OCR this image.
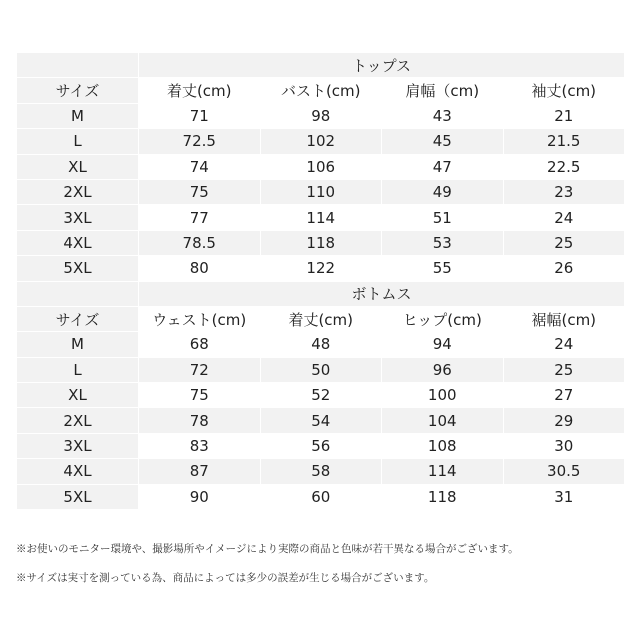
	トップス			
サイズ	着丈(cm)	バスト(cm)	肩幅（cm)	袖丈(cm)
M	71	98	43	21
L	72.5	102	45	21.5
XL	74	106	47	22.5
2XL	75	110	49	23
3XL	77	114	51	24
4XL	78.5	118	53	25
5XL	80	122	55	26
	ボトムス			
サイズ	ウェスト(cm)	着丈(cm)	ヒップ(cm)	裾幅(cm)
M	68	48	94	24
L	72	50	96	25
XL	75	52	100	27
2XL	78	54	104	29
3XL	83	56	108	30
4XL	87	58	114	30.5
5XL	90	60	118	31
※お使いのモニター環境や、撮影場所やイメージにより実際の商品と色味が若干異なる場合がございます。
※サイズは実寸を測っている為、商品によっては多少の誤差が生じる場合がございます。
